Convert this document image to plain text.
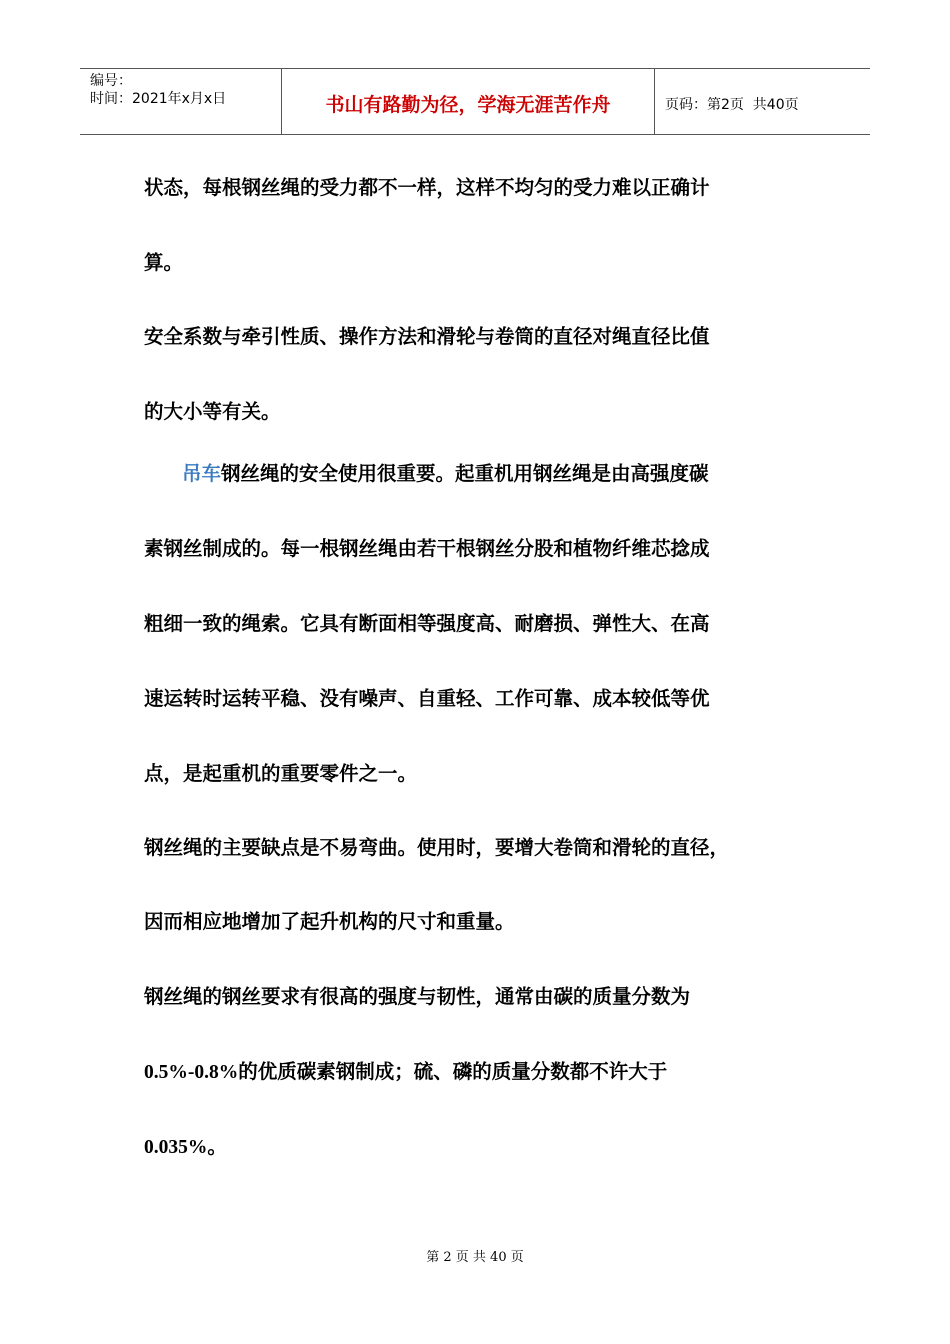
编号：
时间：2021年x月x日	书山有路勤为径，学海无涯苦作舟	页码：第2页  共40页
状态，每根钢丝绳的受力都不一样，这样不均匀的受力难以正确计
算。
安全系数与牵引性质、操作方法和滑轮与卷筒的直径对绳直径比值
的大小等有关。
吊车钢丝绳的安全使用很重要。起重机用钢丝绳是由高强度碳
素钢丝制成的。每一根钢丝绳由若干根钢丝分股和植物纤维芯捻成
粗细一致的绳索。它具有断面相等强度高、耐磨损、弹性大、在高
速运转时运转平稳、没有噪声、自重轻、工作可靠、成本较低等优
点，是起重机的重要零件之一。
钢丝绳的主要缺点是不易弯曲。使用时，要增大卷筒和滑轮的直径，
因而相应地增加了起升机构的尺寸和重量。
钢丝绳的钢丝要求有很高的强度与韧性，通常由碳的质量分数为
0.5%-0.8%的优质碳素钢制成；硫、磷的质量分数都不许大于
0.035%。
第 2 页 共 40 页
